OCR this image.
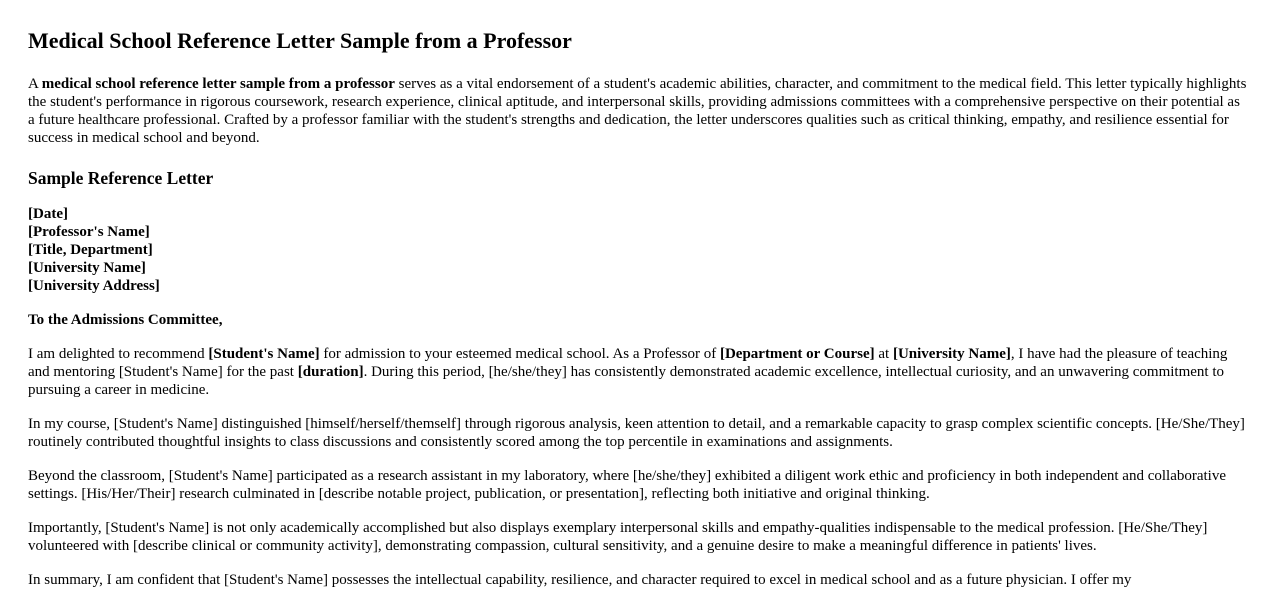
Medical School Reference Letter Sample from a Professor

A medical school reference letter sample from a professor serves as a vital endorsement of a student's academic abilities, character, and commitment to the medical field. This letter typically highlights the student's performance in rigorous coursework, research experience, clinical aptitude, and interpersonal skills, providing admissions committees with a comprehensive perspective on their potential as a future healthcare professional. Crafted by a professor familiar with the student's strengths and dedication, the letter underscores qualities such as critical thinking, empathy, and resilience essential for success in medical school and beyond.

Sample Reference Letter
[Date]
[Professor's Name]
[Title, Department]
[University Name]
[University Address]
To the Admissions Committee,

I am delighted to recommend [Student's Name] for admission to your esteemed medical school. As a Professor of [Department or Course] at [University Name], I have had the pleasure of teaching and mentoring [Student's Name] for the past [duration]. During this period, [he/she/they] has consistently demonstrated academic excellence, intellectual curiosity, and an unwavering commitment to pursuing a career in medicine.

In my course, [Student's Name] distinguished [himself/herself/themself] through rigorous analysis, keen attention to detail, and a remarkable capacity to grasp complex scientific concepts. [He/She/They] routinely contributed thoughtful insights to class discussions and consistently scored among the top percentile in examinations and assignments.

Beyond the classroom, [Student's Name] participated as a research assistant in my laboratory, where [he/she/they] exhibited a diligent work ethic and proficiency in both independent and collaborative settings. [His/Her/Their] research culminated in [describe notable project, publication, or presentation], reflecting both initiative and original thinking.

Importantly, [Student's Name] is not only academically accomplished but also displays exemplary interpersonal skills and empathy-qualities indispensable to the medical profession. [He/She/They] volunteered with [describe clinical or community activity], demonstrating compassion, cultural sensitivity, and a genuine desire to make a meaningful difference in patients' lives.

In summary, I am confident that [Student's Name] possesses the intellectual capability, resilience, and character required to excel in medical school and as a future physician. I offer my
